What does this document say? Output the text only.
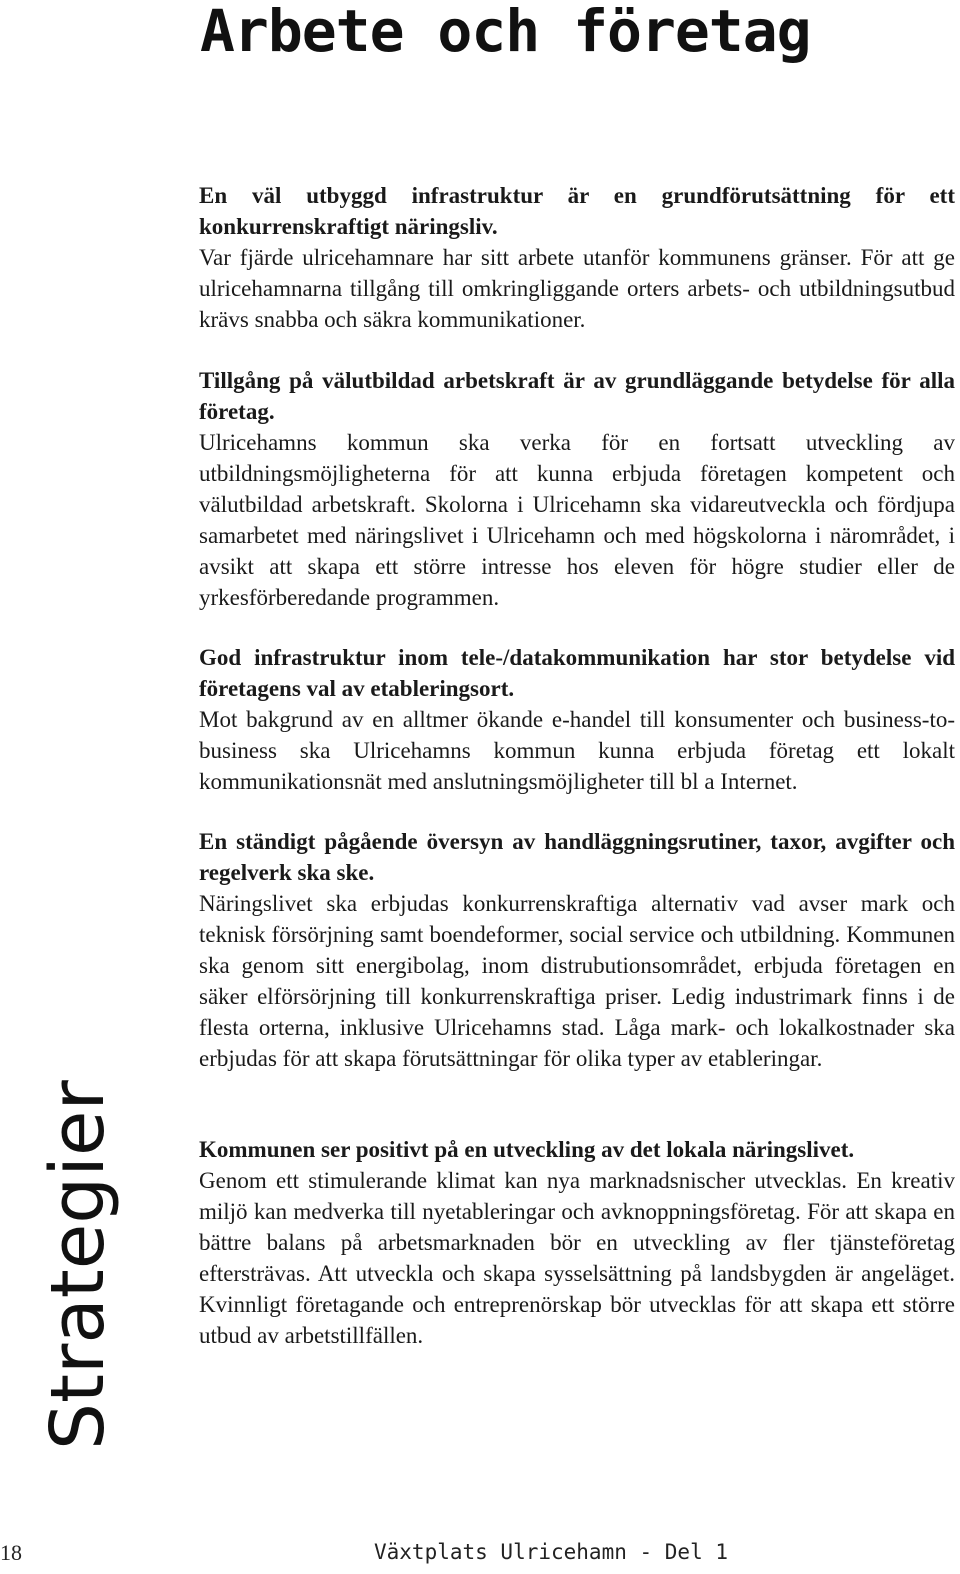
Arbete och företag

En väl utbyggd infrastruktur är en grundförutsättning för ett konkurrenskraftigt näringsliv.

Var fjärde ulricehamnare har sitt arbete utanför kommunens gränser. För att ge ulricehamnarna tillgång till omkringliggande orters arbets- och utbildningsutbud krävs snabba och säkra kommunikationer.

Tillgång på välutbildad arbetskraft är av grundläggande betydelse för alla företag.

Ulricehamns kommun ska verka för en fortsatt utveckling av utbildningsmöjligheterna för att kunna erbjuda företagen kompetent och välutbildad arbetskraft. Skolorna i Ulricehamn ska vidareutveckla och fördjupa samarbetet med näringslivet i Ulricehamn och med högskolorna i närområdet, i avsikt att skapa ett större intresse hos eleven för högre studier eller de yrkesförberedande programmen.

God infrastruktur inom tele-/datakommunikation har stor betydelse vid företagens val av etableringsort.

Mot bakgrund av en alltmer ökande e-handel till konsumenter och business-to-business ska Ulricehamns kommun kunna erbjuda företag ett lokalt kommunikationsnät med anslutningsmöjligheter till bl a Internet.

En ständigt pågående översyn av handläggningsrutiner, taxor, avgifter och regelverk ska ske.

Näringslivet ska erbjudas konkurrenskraftiga alternativ vad avser mark och teknisk försörjning samt boendeformer, social service och utbildning. Kommunen ska genom sitt energibolag, inom distrubutionsområdet, erbjuda företagen en säker elförsörjning till konkurrenskraftiga priser. Ledig industrimark finns i de flesta orterna, inklusive Ulricehamns stad. Låga mark- och lokalkostnader ska erbjudas för att skapa förutsättningar för olika typer av etableringar.

Kommunen ser positivt på en utveckling av det lokala näringslivet.

Genom ett stimulerande klimat kan nya marknadsnischer utvecklas. En kreativ miljö kan medverka till nyetableringar och avknoppningsföretag. För att skapa en bättre balans på arbetsmarknaden bör en utveckling av fler tjänsteföretag eftersträvas. Att utveckla och skapa sysselsättning på landsbygden är angeläget. Kvinnligt företagande och entreprenörskap bör utvecklas för att skapa ett större utbud av arbetstillfällen.

Strategier
18	Växtplats Ulricehamn - Del 1
